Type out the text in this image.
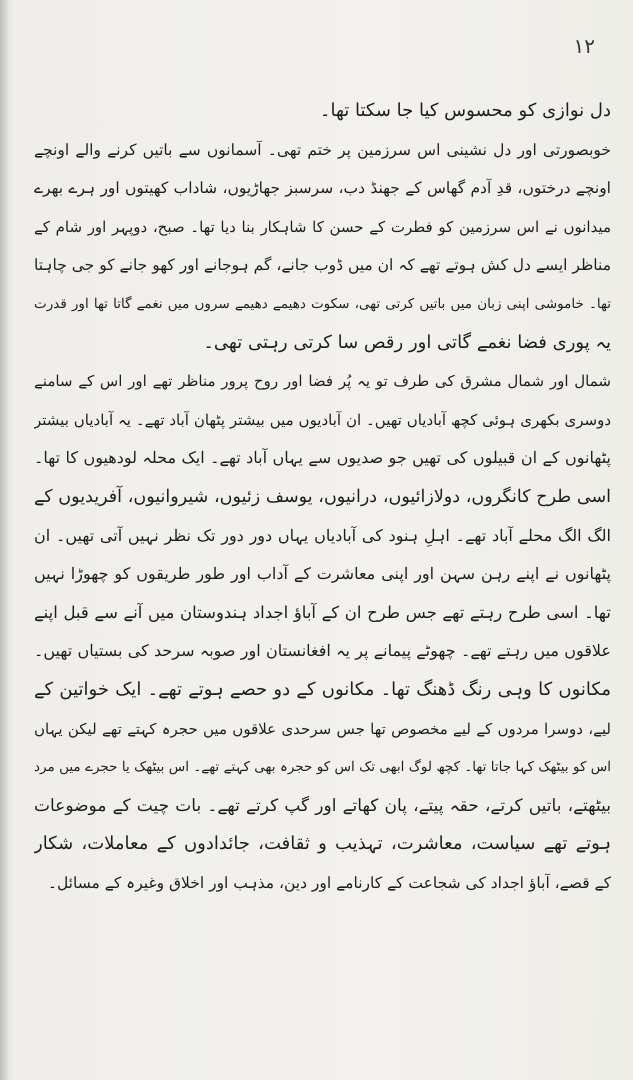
۱۲
دل نوازی کو محسوس کیا جا سکتا تھا۔
خوبصورتی اور دل نشینی اس سرزمین پر ختم تھی۔ آسمانوں سے باتیں کرنے والے اونچے
اونچے درختوں، قدِ آدم گھاس کے جھنڈ دب، سرسبز جھاڑیوں، شاداب کھیتوں اور ہرے بھرے
میدانوں نے اس سرزمین کو فطرت کے حسن کا شاہکار بنا دیا تھا۔ صبح، دوپہر اور شام کے
مناظر ایسے دل کش ہوتے تھے کہ ان میں ڈوب جانے، گم ہوجانے اور کھو جانے کو جی چاہتا
تھا۔ خاموشی اپنی زبان میں باتیں کرتی تھی، سکوت دھیمے دھیمے سروں میں نغمے گاتا تھا اور قدرت
یہ پوری فضا نغمے گاتی اور رقص سا کرتی رہتی تھی۔
شمال اور شمال مشرق کی طرف تو یہ پُر فضا اور روح پرور مناظر تھے اور اس کے سامنے
دوسری بکھری ہوئی کچھ آبادیاں تھیں۔ ان آبادیوں میں بیشتر پٹھان آباد تھے۔ یہ آبادیاں بیشتر
پٹھانوں کے ان قبیلوں کی تھیں جو صدیوں سے یہاں آباد تھے۔ ایک محلہ لودھیوں کا تھا۔
اسی طرح کانگروں، دولازائیوں، درانیوں، یوسف زئیوں، شیروانیوں، آفریدیوں کے
الگ الگ محلے آباد تھے۔ اہلِ ہنود کی آبادیاں یہاں دور دور تک نظر نہیں آتی تھیں۔ ان
پٹھانوں نے اپنے رہن سہن اور اپنی معاشرت کے آداب اور طور طریقوں کو چھوڑا نہیں
تھا۔ اسی طرح رہتے تھے جس طرح ان کے آباؤ اجداد ہندوستان میں آنے سے قبل اپنے
علاقوں میں رہتے تھے۔ چھوٹے پیمانے پر یہ افغانستان اور صوبہ سرحد کی بستیاں تھیں۔
مکانوں کا وہی رنگ ڈھنگ تھا۔ مکانوں کے دو حصے ہوتے تھے۔ ایک خواتین کے
لیے، دوسرا مردوں کے لیے مخصوص تھا جس سرحدی علاقوں میں حجرہ کہتے تھے لیکن یہاں
اس کو بیٹھک کہا جاتا تھا۔ کچھ لوگ ابھی تک اس کو حجرہ بھی کہتے تھے۔ اس بیٹھک یا حجرے میں مرد
بیٹھتے، باتیں کرتے، حقہ پیتے، پان کھاتے اور گپ کرتے تھے۔ بات چیت کے موضوعات
ہوتے تھے سیاست، معاشرت، تہذیب و ثقافت، جائدادوں کے معاملات، شکار
کے قصے، آباؤ اجداد کی شجاعت کے کارنامے اور دین، مذہب اور اخلاق وغیرہ کے مسائل۔
